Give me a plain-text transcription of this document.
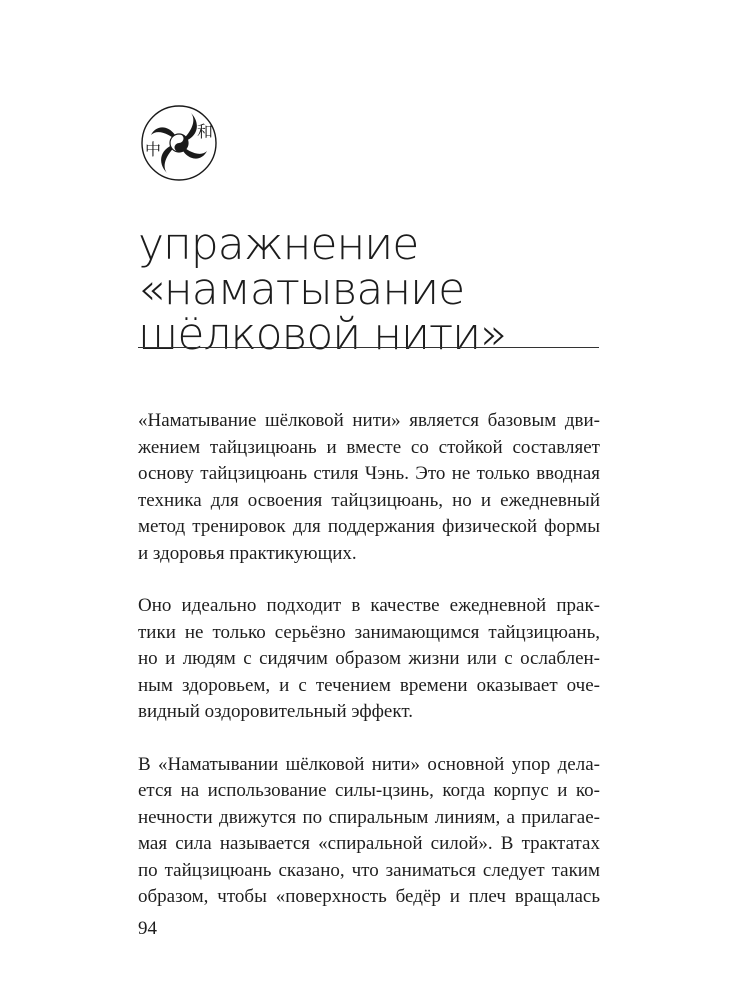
中
和
упражнение
«наматывание
шёлковой нити»

«Наматывание шёлковой нити» является базовым дви-
жением тайцзицюань и вместе со стойкой составляет
основу тайцзицюань стиля Чэнь. Это не только вводная
техника для освоения тайцзицюань, но и ежедневный
метод тренировок для поддержания физической формы
и здоровья практикующих.

Оно идеально подходит в качестве ежедневной прак-
тики не только серьёзно занимающимся тайцзицюань,
но и людям с сидячим образом жизни или с ослаблен-
ным здоровьем, и с течением времени оказывает оче-
видный оздоровительный эффект.

В «Наматывании шёлковой нити» основной упор дела-
ется на использование силы-цзинь, когда корпус и ко-
нечности движутся по спиральным линиям, а прилагае-
мая сила называется «спиральной силой». В трактатах
по тайцзицюань сказано, что заниматься следует таким
образом, чтобы «поверхность бедёр и плеч вращалась

94
